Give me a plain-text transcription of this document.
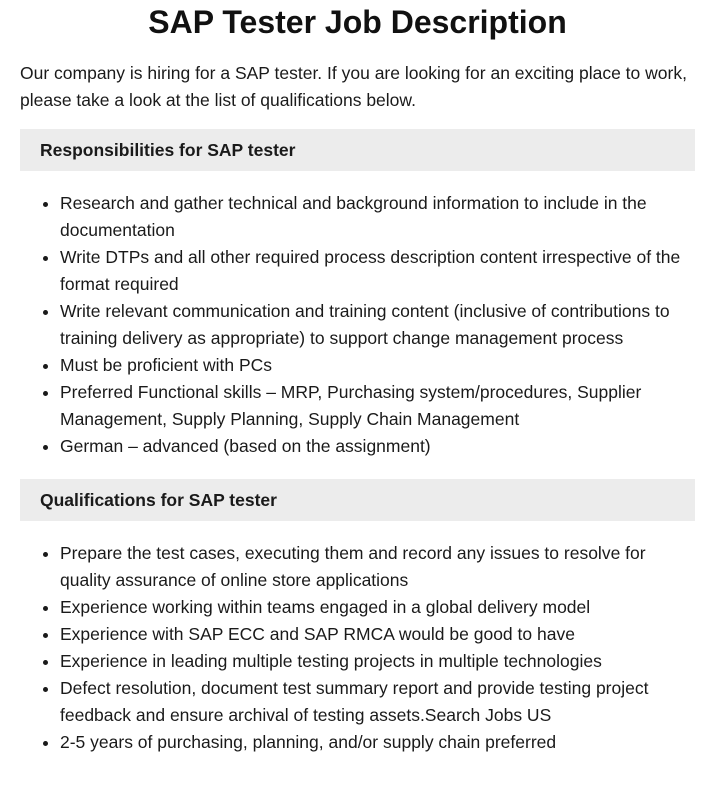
SAP Tester Job Description

Our company is hiring for a SAP tester. If you are looking for an exciting place to work, please take a look at the list of qualifications below.

Responsibilities for SAP tester
• Research and gather technical and background information to include in the documentation
• Write DTPs and all other required process description content irrespective of the format required
• Write relevant communication and training content (inclusive of contributions to training delivery as appropriate) to support change management process
• Must be proficient with PCs
• Preferred Functional skills – MRP, Purchasing system/procedures, Supplier Management, Supply Planning, Supply Chain Management
• German – advanced (based on the assignment)
Qualifications for SAP tester
• Prepare the test cases, executing them and record any issues to resolve for quality assurance of online store applications
• Experience working within teams engaged in a global delivery model
• Experience with SAP ECC and SAP RMCA would be good to have
• Experience in leading multiple testing projects in multiple technologies
• Defect resolution, document test summary report and provide testing project feedback and ensure archival of testing assets.Search Jobs US
• 2-5 years of purchasing, planning, and/or supply chain preferred
